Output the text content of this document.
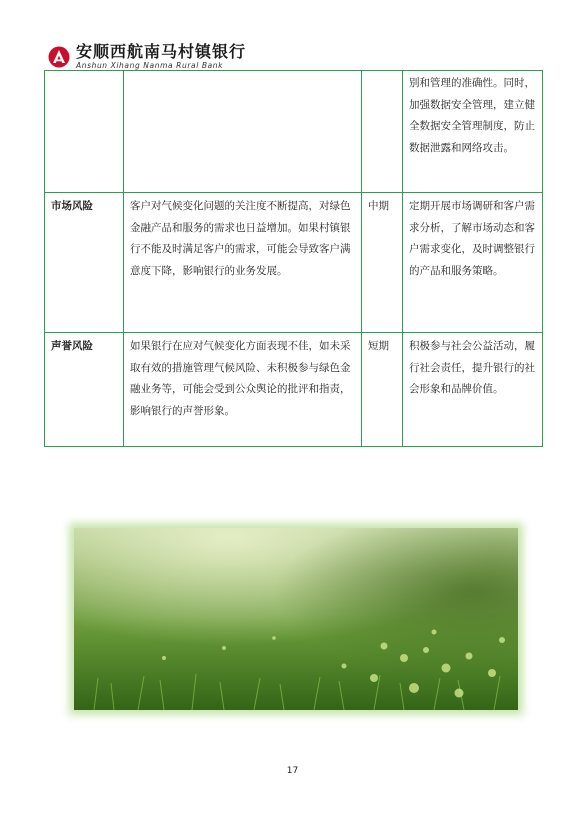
安顺西航南马村镇银行
Anshun Xihang Nanma Rural Bank
			别和管理的准确性。同时，加强数据安全管理，建立健全数据安全管理制度，防止数据泄露和网络攻击。
市场风险	客户对气候变化问题的关注度不断提高，对绿色金融产品和服务的需求也日益增加。如果村镇银行不能及时满足客户的需求，可能会导致客户满意度下降，影响银行的业务发展。	中期	定期开展市场调研和客户需求分析，了解市场动态和客户需求变化，及时调整银行的产品和服务策略。
声誉风险	如果银行在应对气候变化方面表现不佳，如未采取有效的措施管理气候风险、未积极参与绿色金融业务等，可能会受到公众舆论的批评和指责，影响银行的声誉形象。	短期	积极参与社会公益活动，履行社会责任，提升银行的社会形象和品牌价值。
17
